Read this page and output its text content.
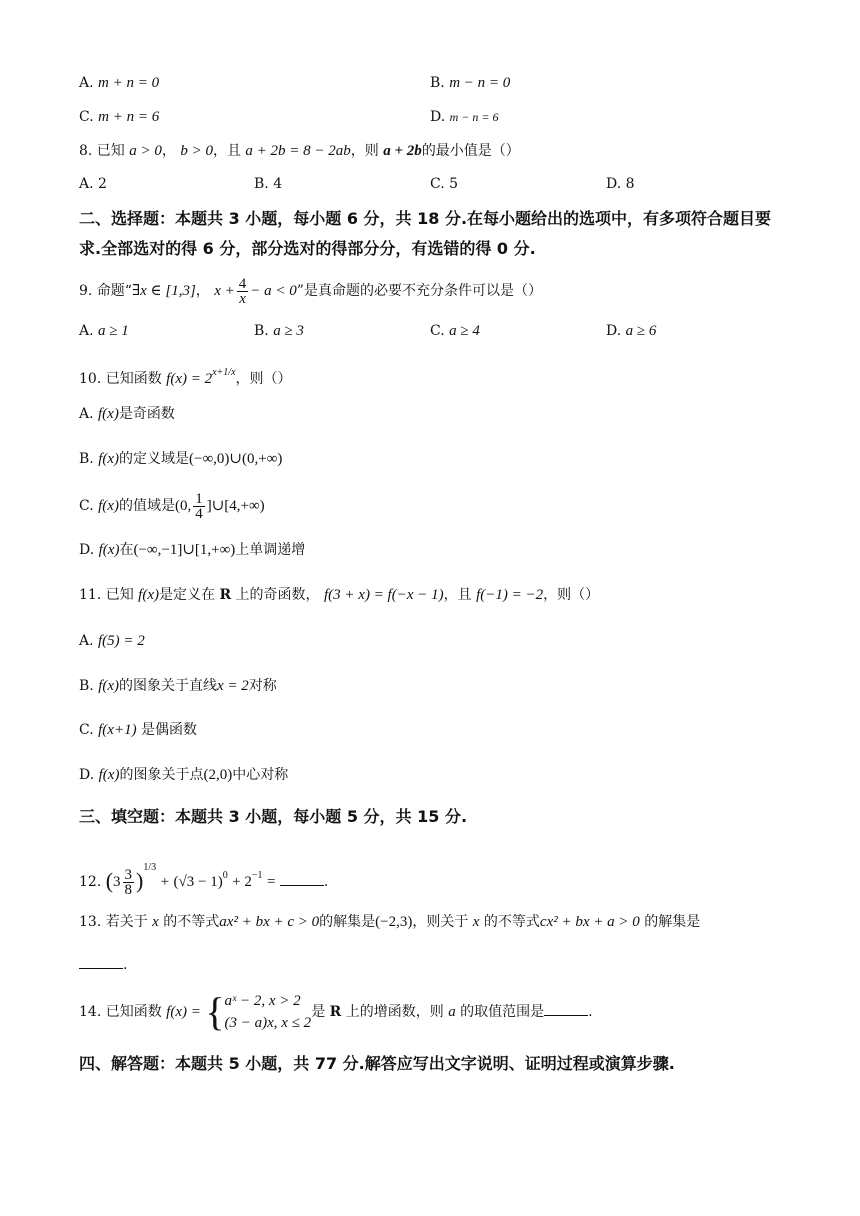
A. m + n = 0	B. m − n = 0
C. m + n = 6	D. m − n = 6
8. 已知 a > 0， b > 0，且 a + 2b = 8 − 2ab，则 a + 2b的最小值是（）
A. 2	B. 4	C. 5	D. 8
二、选择题：本题共 3 小题，每小题 6 分，共 18 分.在每小题给出的选项中，有多项符合题目要求.全部选对的得 6 分，部分选对的得部分分，有选错的得 0 分.
9. 命题“∃x ∈ [1,3]， $x + \frac{4}{x} - a < 0$”是真命题的必要不充分条件可以是（）
A. a ≥ 1	B. a ≥ 3	C. a ≥ 4	D. a ≥ 6
10. 已知函数 $f(x) = 2^{x+1/x}$，则（）
A. f(x)是奇函数
B. f(x)的定义域是(−∞,0)∪(0,+∞)
C. f(x)的值域是(0, $\frac{1}{4}$ ]∪[4,+∞)
D. f(x)在(−∞,−1]∪[1,+∞)上单调递增
11. 已知 f(x)是定义在 R 上的奇函数， f(3 + x) = f(−x − 1)，且 f(−1) = −2，则（）
A. f(5) = 2
B. f(x)的图象关于直线x = 2对称
C. f(x+1) 是偶函数
D. f(x)的图象关于点(2,0)中心对称
三、填空题：本题共 3 小题，每小题 5 分，共 15 分.
12. $(3 \frac{3}{8} )^{1/3} + (√3 - 1)^0 + 2^{-1}$ =	.
13. 若关于 x 的不等式ax² + bx + c > 0的解集是(−2,3)，则关于 x 的不等式cx² + bx + a > 0 的解集是
.
14. 已知函数 f(x) = { aˣ − 2, x > 2
(3 − a)x, x ≤ 2
是 R 上的增函数，则 a 的取值范围是	.
四、解答题：本题共 5 小题，共 77 分.解答应写出文字说明、证明过程或演算步骤.
